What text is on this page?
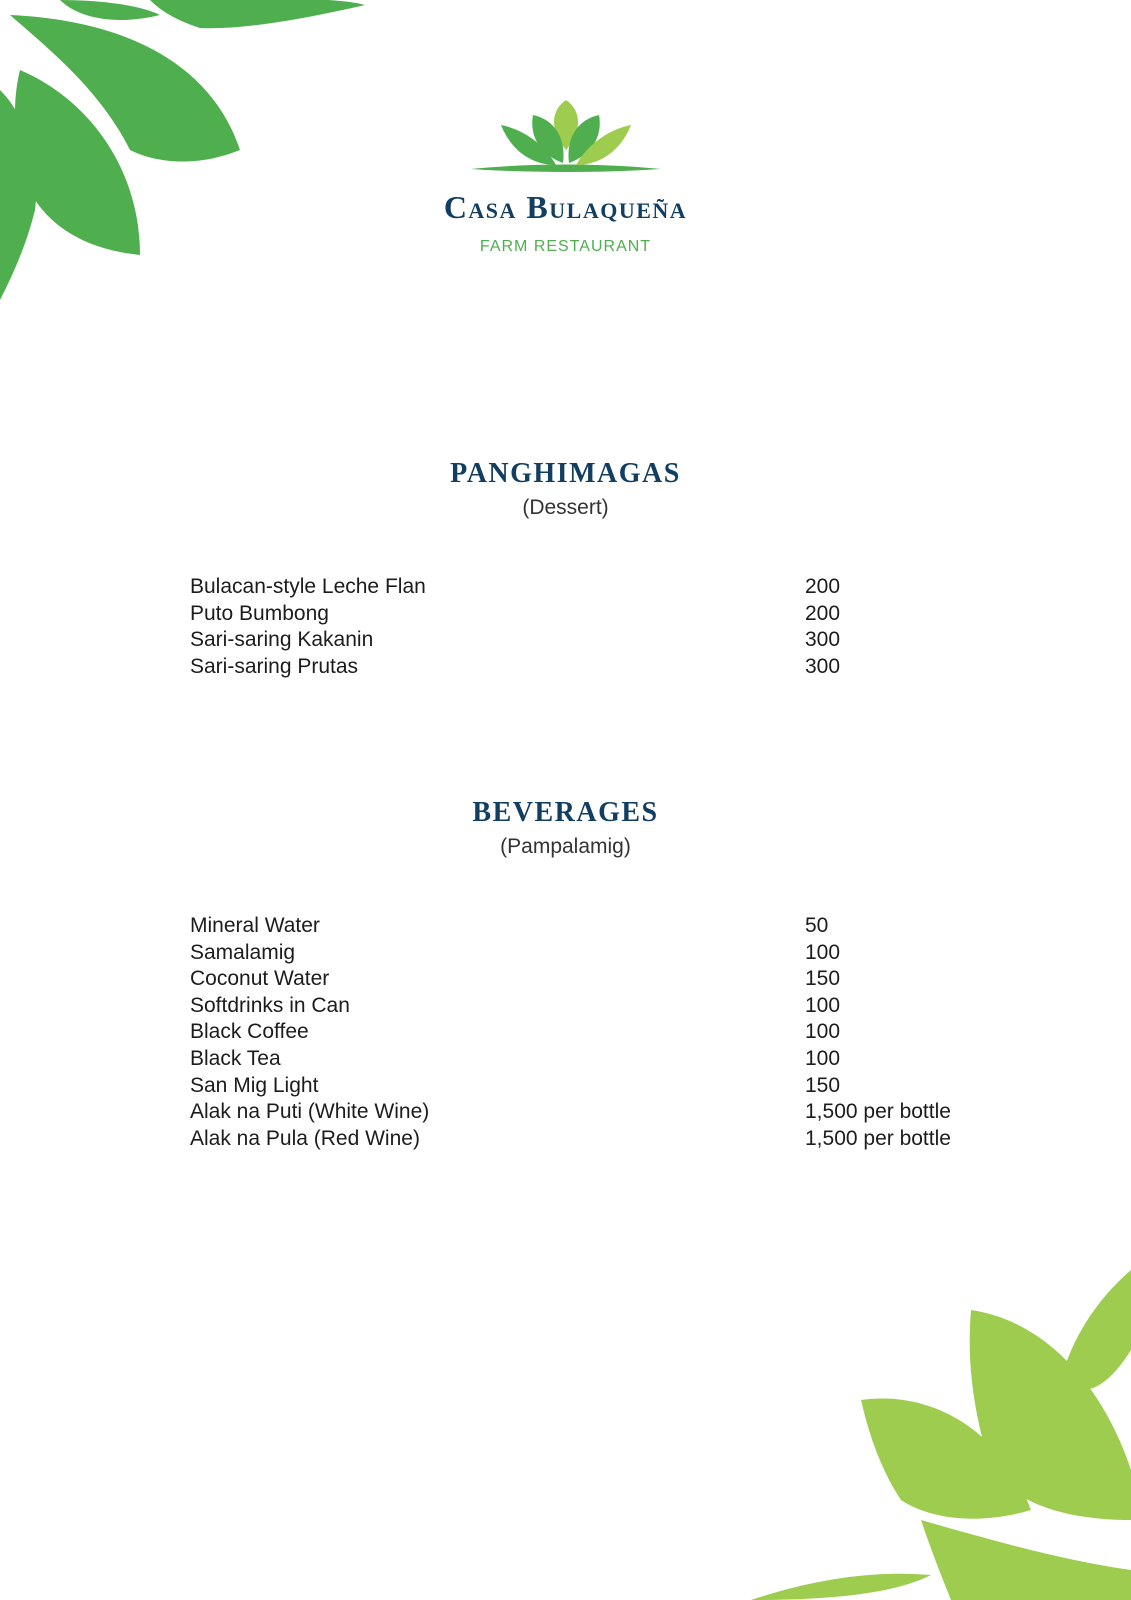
Casa Bulaqueña
FARM RESTAURANT
PANGHIMAGAS
(Dessert)
Bulacan-style Leche Flan	200
Puto Bumbong	200
Sari-saring Kakanin	300
Sari-saring Prutas	300
BEVERAGES
(Pampalamig)
Mineral Water	50
Samalamig	100
Coconut Water	150
Softdrinks in Can	100
Black Coffee	100
Black Tea	100
San Mig Light	150
Alak na Puti (White Wine)	1,500 per bottle
Alak na Pula (Red Wine)	1,500 per bottle
